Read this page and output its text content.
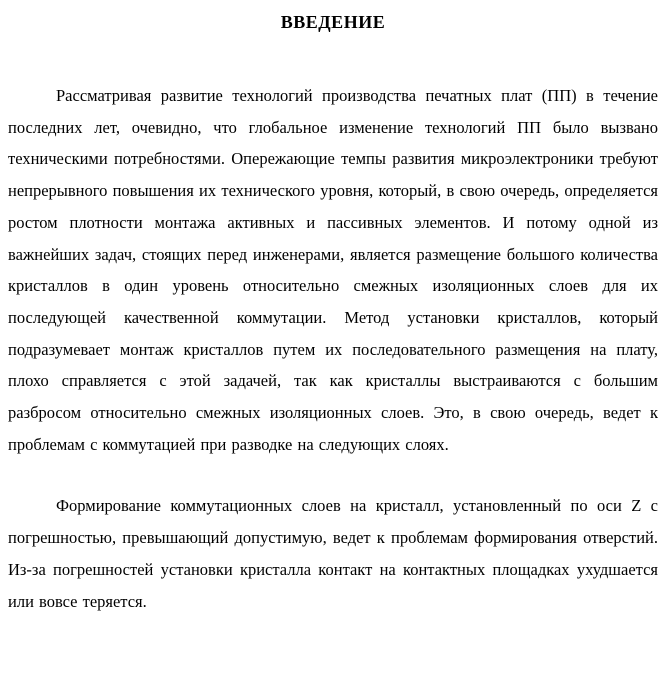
ВВЕДЕНИЕ

Рассматривая развитие технологий производства печатных плат (ПП) в течение последних лет, очевидно, что глобальное изменение технологий ПП было вызвано техническими потребностями. Опережающие темпы развития микроэлектроники требуют непрерывного повышения их технического уровня, который, в свою очередь, определяется ростом плотности монтажа активных и пассивных элементов. И потому одной из важнейших задач, стоящих перед инженерами, является размещение большого количества кристаллов в один уровень относительно смежных изоляционных слоев для их последующей качественной коммутации. Метод установки кристаллов, который подразумевает монтаж кристаллов путем их последовательного размещения на плату, плохо справляется с этой задачей, так как кристаллы выстраиваются с большим разбросом относительно смежных изоляционных слоев. Это, в свою очередь, ведет к проблемам с коммутацией при разводке на следующих слоях.

Формирование коммутационных слоев на кристалл, установленный по оси Z с погрешностью, превышающий допустимую, ведет к проблемам формирования отверстий. Из-за погрешностей установки кристалла контакт на контактных площадках ухудшается или вовсе теряется.
